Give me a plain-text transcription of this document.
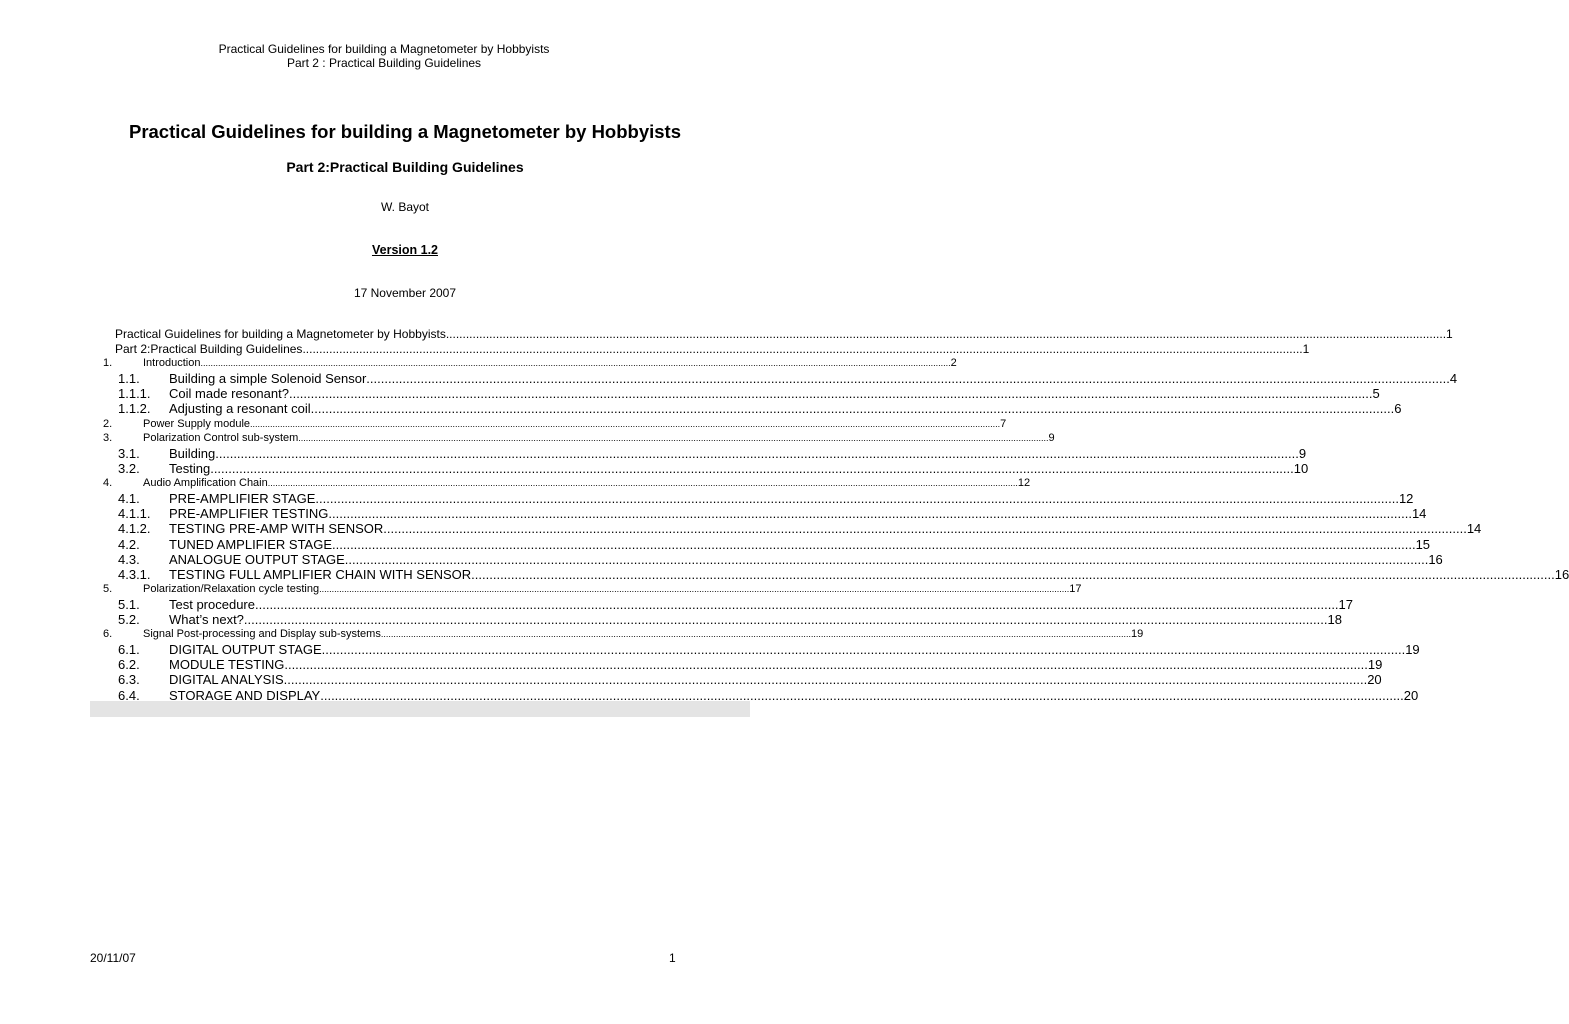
Practical Guidelines for building a Magnetometer by Hobbyists
Part 2 : Practical Building Guidelines
Practical Guidelines for building a Magnetometer by Hobbyists
Part 2:Practical Building Guidelines
W. Bayot
Version 1.2
17 November 2007
Practical Guidelines for building a Magnetometer by Hobbyists ............................................................................................................................................................................................................................................................................................................ 1
Part 2:Practical Building Guidelines ............................................................................................................................................................................................................................................................................................................ 1
1.	Introduction ............................................................................................................................................................................................................................................................................................................ 2
1.1.	Building a simple Solenoid Sensor ............................................................................................................................................................................................................................................................................................................ 4
1.1.1.	Coil made resonant? ............................................................................................................................................................................................................................................................................................................ 5
1.1.2.	Adjusting a resonant coil ............................................................................................................................................................................................................................................................................................................ 6
2.	Power Supply module ............................................................................................................................................................................................................................................................................................................ 7
3.	Polarization Control sub-system ............................................................................................................................................................................................................................................................................................................ 9
3.1.	Building ............................................................................................................................................................................................................................................................................................................ 9
3.2.	Testing ............................................................................................................................................................................................................................................................................................................ 10
4.	Audio Amplification Chain ............................................................................................................................................................................................................................................................................................................ 12
4.1.	PRE-AMPLIFIER STAGE ............................................................................................................................................................................................................................................................................................................ 12
4.1.1.	PRE-AMPLIFIER TESTING ............................................................................................................................................................................................................................................................................................................ 14
4.1.2.	TESTING PRE-AMP WITH SENSOR ............................................................................................................................................................................................................................................................................................................ 14
4.2.	TUNED AMPLIFIER STAGE ............................................................................................................................................................................................................................................................................................................ 15
4.3.	ANALOGUE OUTPUT STAGE ............................................................................................................................................................................................................................................................................................................ 16
4.3.1.	TESTING FULL AMPLIFIER CHAIN WITH SENSOR ............................................................................................................................................................................................................................................................................................................ 16
5.	Polarization/Relaxation cycle testing ............................................................................................................................................................................................................................................................................................................ 17
5.1.	Test procedure ............................................................................................................................................................................................................................................................................................................ 17
5.2.	What’s next? ............................................................................................................................................................................................................................................................................................................ 18
6.	Signal Post-processing and Display sub-systems ............................................................................................................................................................................................................................................................................................................ 19
6.1.	DIGITAL OUTPUT STAGE ............................................................................................................................................................................................................................................................................................................ 19
6.2.	MODULE TESTING ............................................................................................................................................................................................................................................................................................................ 19
6.3.	DIGITAL ANALYSIS ............................................................................................................................................................................................................................................................................................................ 20
6.4.	STORAGE AND DISPLAY ............................................................................................................................................................................................................................................................................................................ 20
20/11/07	1
